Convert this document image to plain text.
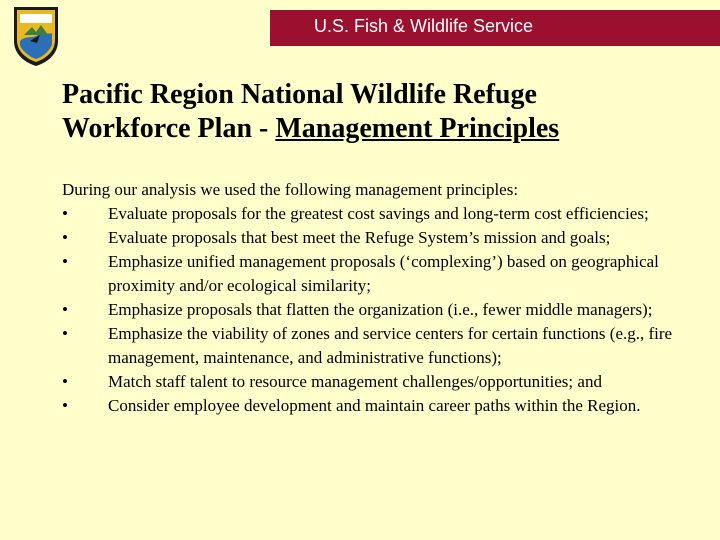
U.S. Fish & Wildlife Service
Pacific Region National Wildlife Refuge
Workforce Plan - Management Principles

During our analysis we used the following management principles:

•	Evaluate proposals for the greatest cost savings and long-term cost efficiencies;
•	Evaluate proposals that best meet the Refuge System’s mission and goals;
•	Emphasize unified management proposals (‘complexing’) based on geographical proximity and/or ecological similarity;
•	Emphasize proposals that flatten the organization (i.e., fewer middle managers);
•	Emphasize the viability of zones and service centers for certain functions (e.g., fire management, maintenance, and administrative functions);
•	Match staff talent to resource management challenges/opportunities; and
•	Consider employee development and maintain career paths within the Region.
